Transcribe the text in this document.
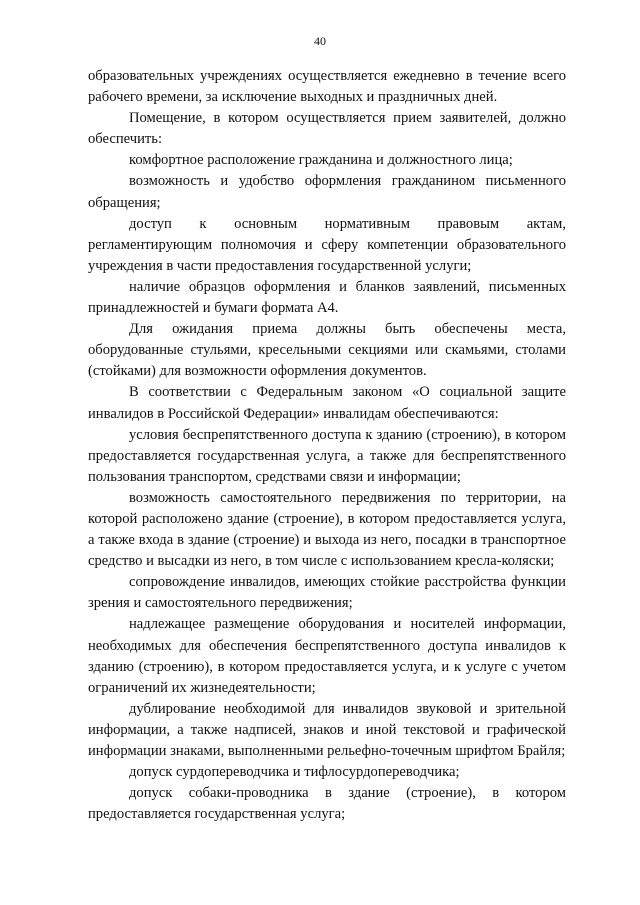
40

образовательных учреждениях осуществляется ежедневно в течение всего рабочего времени, за исключение выходных и праздничных дней.

Помещение, в котором осуществляется прием заявителей, должно обеспечить:

комфортное расположение гражданина и должностного лица;

возможность и удобство оформления гражданином письменного обращения;

доступ к основным нормативным правовым актам, регламентирующим полномочия и сферу компетенции образовательного учреждения в части предоставления государственной услуги;

наличие образцов оформления и бланков заявлений, письменных принадлежностей и бумаги формата А4.

Для ожидания приема должны быть обеспечены места, оборудованные стульями, кресельными секциями или скамьями, столами (стойками) для возможности оформления документов.

В соответствии с Федеральным законом «О социальной защите инвалидов в Российской Федерации» инвалидам обеспечиваются:

условия беспрепятственного доступа к зданию (строению), в котором предоставляется государственная услуга, а также для беспрепятственного пользования транспортом, средствами связи и информации;

возможность самостоятельного передвижения по территории, на которой расположено здание (строение), в котором предоставляется услуга, а также входа в здание (строение) и выхода из него, посадки в транспортное средство и высадки из него, в том числе с использованием кресла-коляски;

сопровождение инвалидов, имеющих стойкие расстройства функции зрения и самостоятельного передвижения;

надлежащее размещение оборудования и носителей информации, необходимых для обеспечения беспрепятственного доступа инвалидов к зданию (строению), в котором предоставляется услуга, и к услуге с учетом ограничений их жизнедеятельности;

дублирование необходимой для инвалидов звуковой и зрительной информации, а также надписей, знаков и иной текстовой и графической информации знаками, выполненными рельефно-точечным шрифтом Брайля;

допуск сурдопереводчика и тифлосурдопереводчика;

допуск собаки-проводника в здание (строение), в котором предоставляется государственная услуга;
